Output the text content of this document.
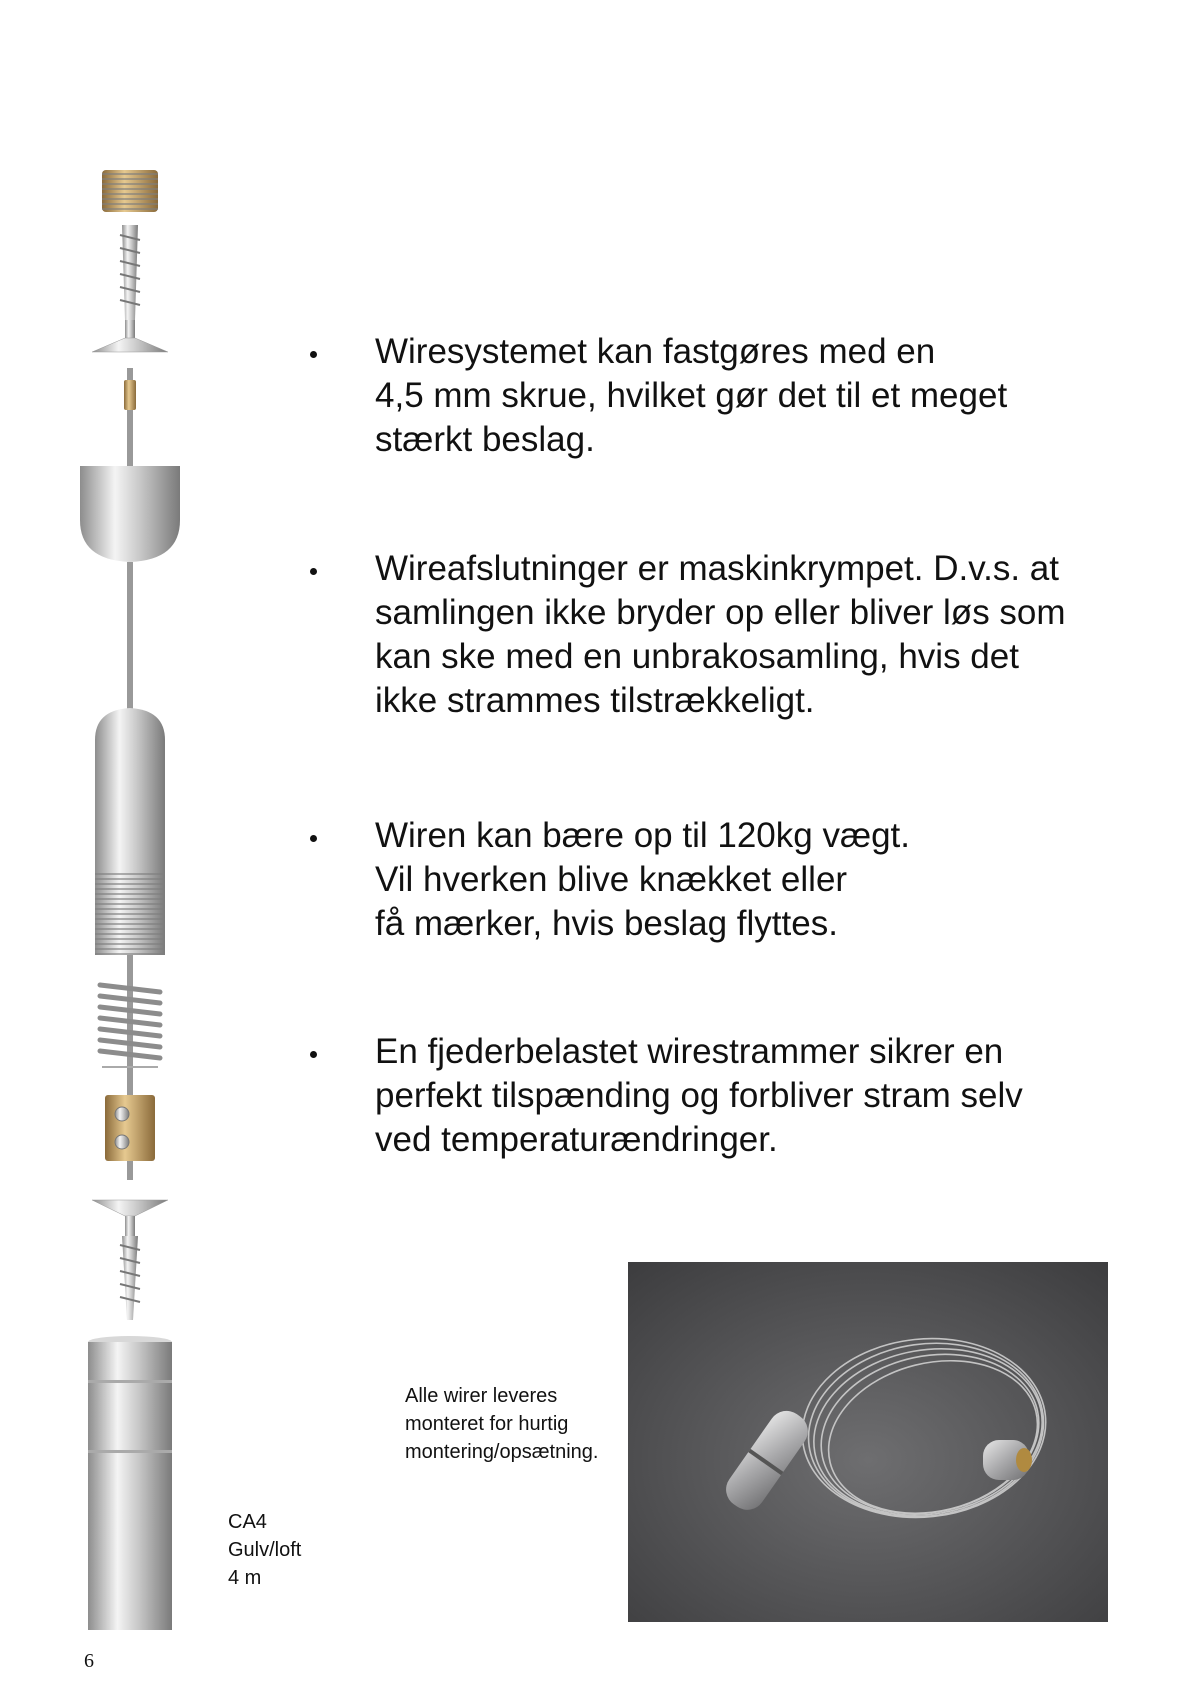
Wiresystemet kan fastgøres med en
4,5 mm skrue, hvilket gør det til et meget
stærkt beslag.
Wireafslutninger er maskinkrympet. D.v.s. at
samlingen ikke bryder op eller bliver løs som
kan ske med en unbrakosamling, hvis det
ikke strammes tilstrækkeligt.
Wiren kan bære op til 120kg vægt.
Vil hverken blive knækket eller
få mærker, hvis beslag flyttes.
En fjederbelastet wirestrammer sikrer en
perfekt tilspænding og forbliver stram selv
ved temperaturændringer.
Alle wirer leveres
monteret for hurtig
montering/opsætning.
CA4
Gulv/loft
4 m
6
